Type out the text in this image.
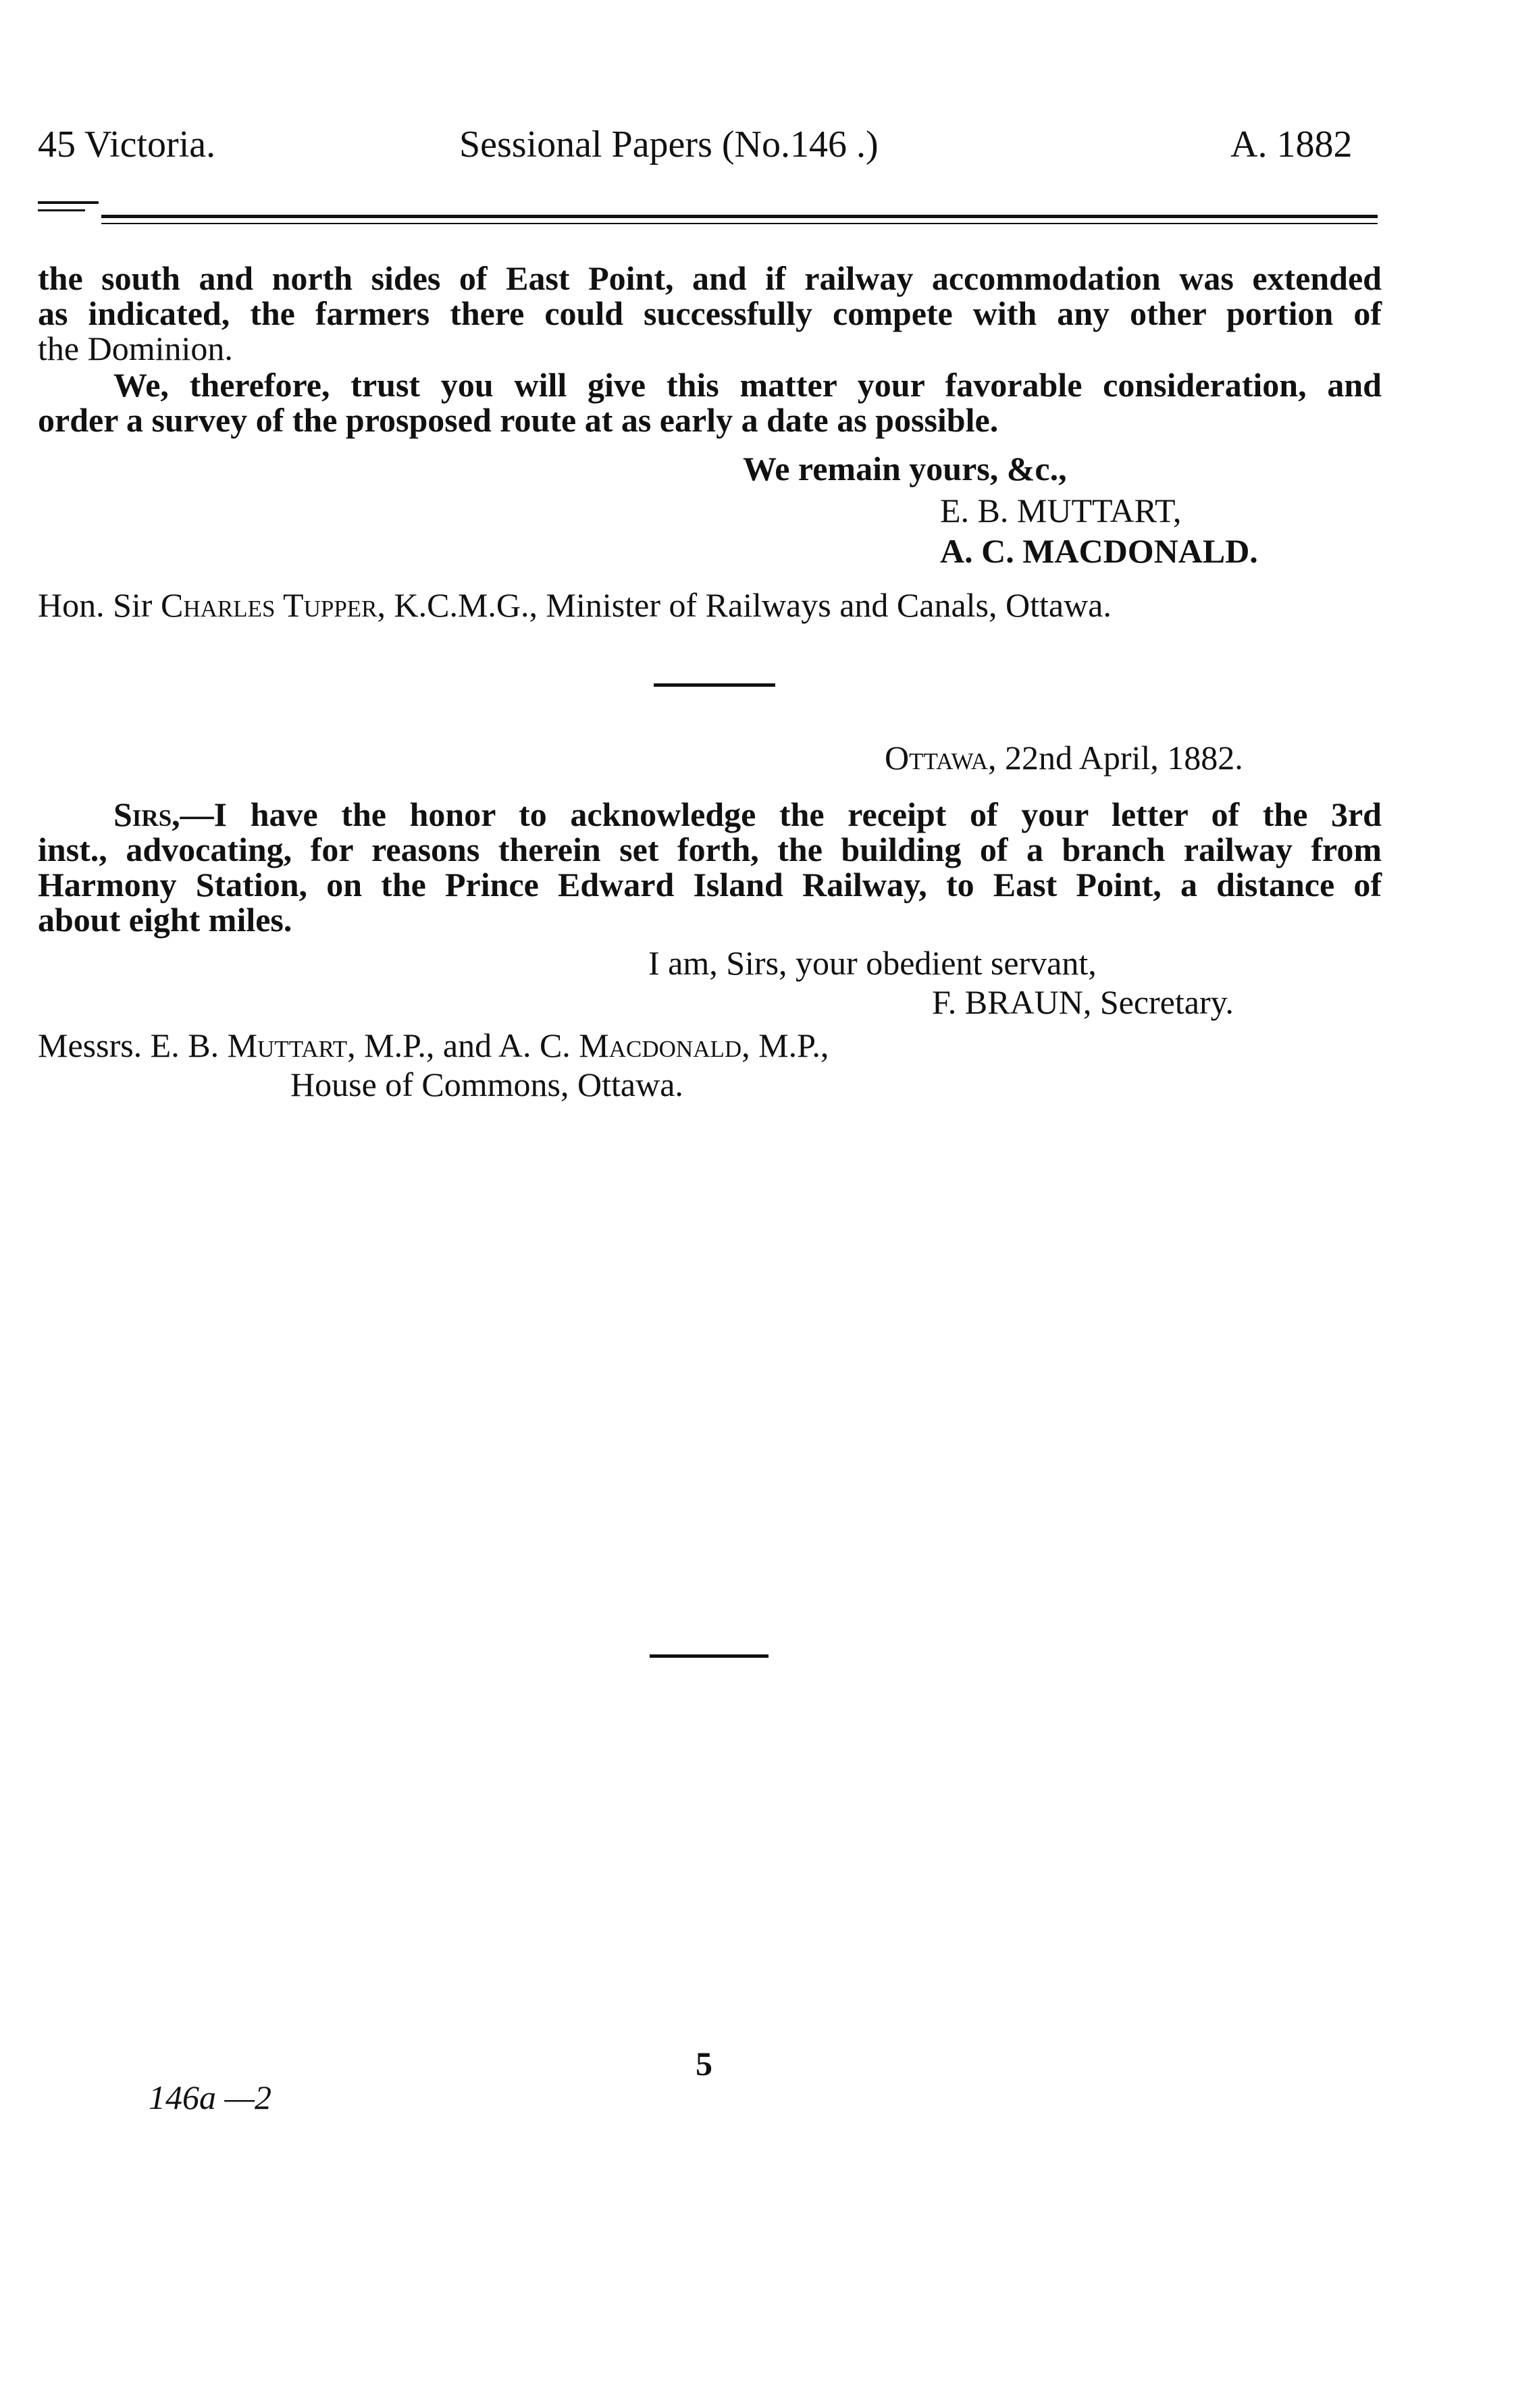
45 Victoria.	Sessional Papers (No.146 .)	A. 1882
the south and north sides of East Point, and if railway accommodation was extended
as indicated, the farmers there could successfully compete with any other portion of
the Dominion.
We, therefore, trust you will give this matter your favorable consideration, and
order a survey of the prosposed route at as early a date as possible.
We remain yours, &c.,
E. B. MUTTART,
A. C. MACDONALD.
Hon. Sir Charles Tupper, K.C.M.G., Minister of Railways and Canals, Ottawa.
Ottawa, 22nd April, 1882.
Sirs,—I have the honor to acknowledge the receipt of your letter of the 3rd
inst., advocating, for reasons therein set forth, the building of a branch railway from
Harmony Station, on the Prince Edward Island Railway, to East Point, a distance of
about eight miles.
I am, Sirs, your obedient servant,
F. BRAUN, Secretary.
Messrs. E. B. Muttart, M.P., and A. C. Macdonald, M.P.,
House of Commons, Ottawa.
5
146a —2
